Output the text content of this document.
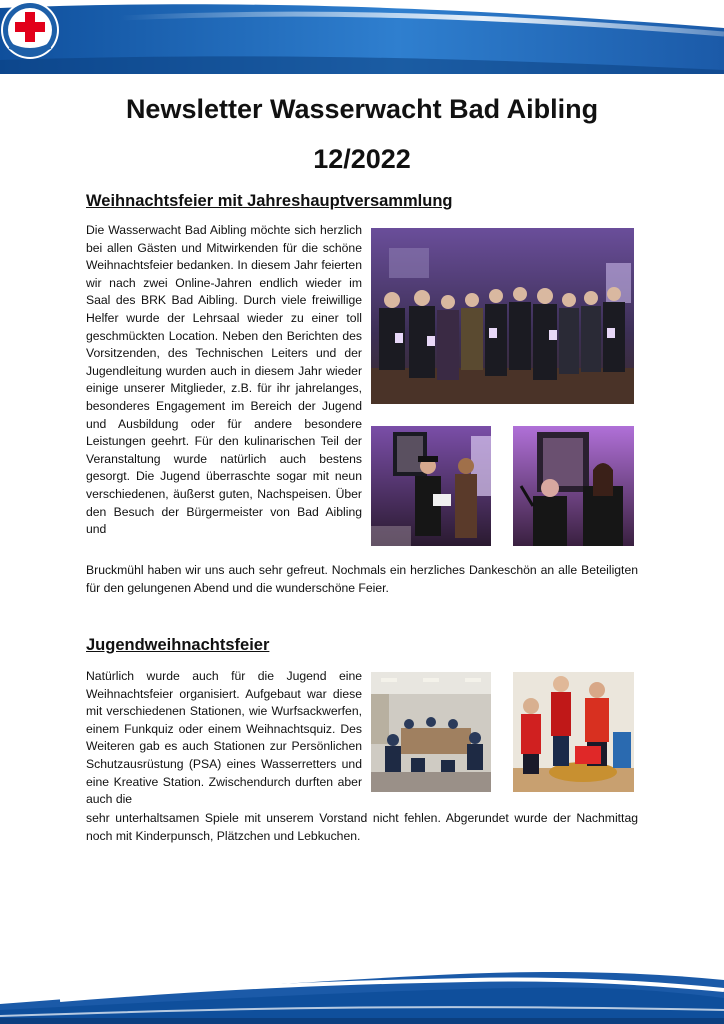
Newsletter Wasserwacht Bad Aibling
12/2022
Weihnachtsfeier mit Jahreshauptversammlung
Die Wasserwacht Bad Aibling möchte sich herzlich bei allen Gästen und Mitwirkenden für die schöne Weihnachtsfeier bedanken. In diesem Jahr feierten wir nach zwei Online-Jahren endlich wieder im Saal des BRK Bad Aibling. Durch viele freiwillige Helfer wurde der Lehrsaal wieder zu einer toll geschmückten Location. Neben den Berichten des Vorsitzenden, des Technischen Leiters und der Jugendleitung wurden auch in diesem Jahr wieder einige unserer Mitglieder, z.B. für ihr jahrelanges, besonderes Engagement im Bereich der Jugend und Ausbildung oder für andere besondere Leistungen geehrt. Für den kulinarischen Teil der Veranstaltung wurde natürlich auch bestens gesorgt. Die Jugend überraschte sogar mit neun verschiedenen, äußerst guten, Nachspeisen. Über den Besuch der Bürgermeister von Bad Aibling und
Bruckmühl haben wir uns auch sehr gefreut. Nochmals ein herzliches Dankeschön an alle Beteiligten für den gelungenen Abend und die wunderschöne Feier.
Jugendweihnachtsfeier
Natürlich wurde auch für die Jugend eine Weihnachtsfeier organisiert. Aufgebaut war diese mit verschiedenen Stationen, wie Wurfsackwerfen, einem Funkquiz oder einem Weihnachtsquiz. Des Weiteren gab es auch Stationen zur Persönlichen Schutzausrüstung (PSA) eines Wasserretters und eine Kreative Station. Zwischendurch durften aber auch die
sehr unterhaltsamen Spiele mit unserem Vorstand nicht fehlen. Abgerundet wurde der Nachmittag noch mit Kinderpunsch, Plätzchen und Lebkuchen.
